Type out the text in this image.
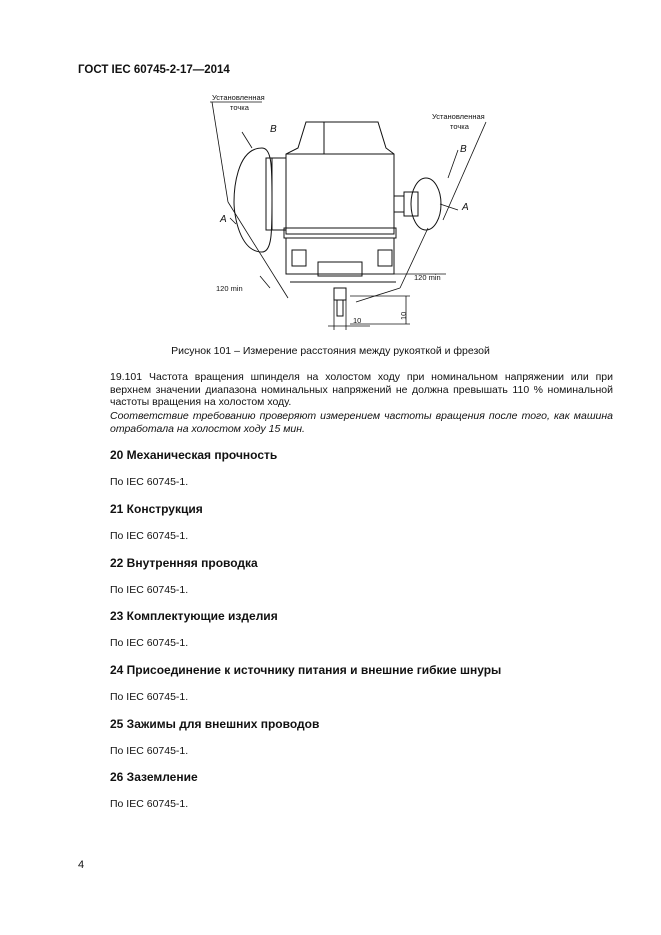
ГОСТ IEC 60745-2-17—2014
Установленная
точка
Установленная
точка
B
B
A
A
120 min
120 min
10
10
Рисунок 101 – Измерение расстояния между рукояткой и фрезой

19.101 Частота вращения шпинделя на холостом ходу при номинальном напряжении или при верхнем значении диапазона номинальных напряжений не должна превышать 110 % номинальной частоты вращения на холостом ходу.

Соответствие требованию проверяют измерением частоты вращения после того, как машина отработала на холостом ходу 15 мин.

20 Механическая прочность

По IEC 60745-1.

21 Конструкция

По IEC 60745-1.

22 Внутренняя проводка

По IEC 60745-1.

23 Комплектующие изделия

По IEC 60745-1.

24 Присоединение к источнику питания и внешние гибкие шнуры

По IEC 60745-1.

25 Зажимы для внешних проводов

По IEC 60745-1.

26 Заземление

По IEC 60745-1.

4
